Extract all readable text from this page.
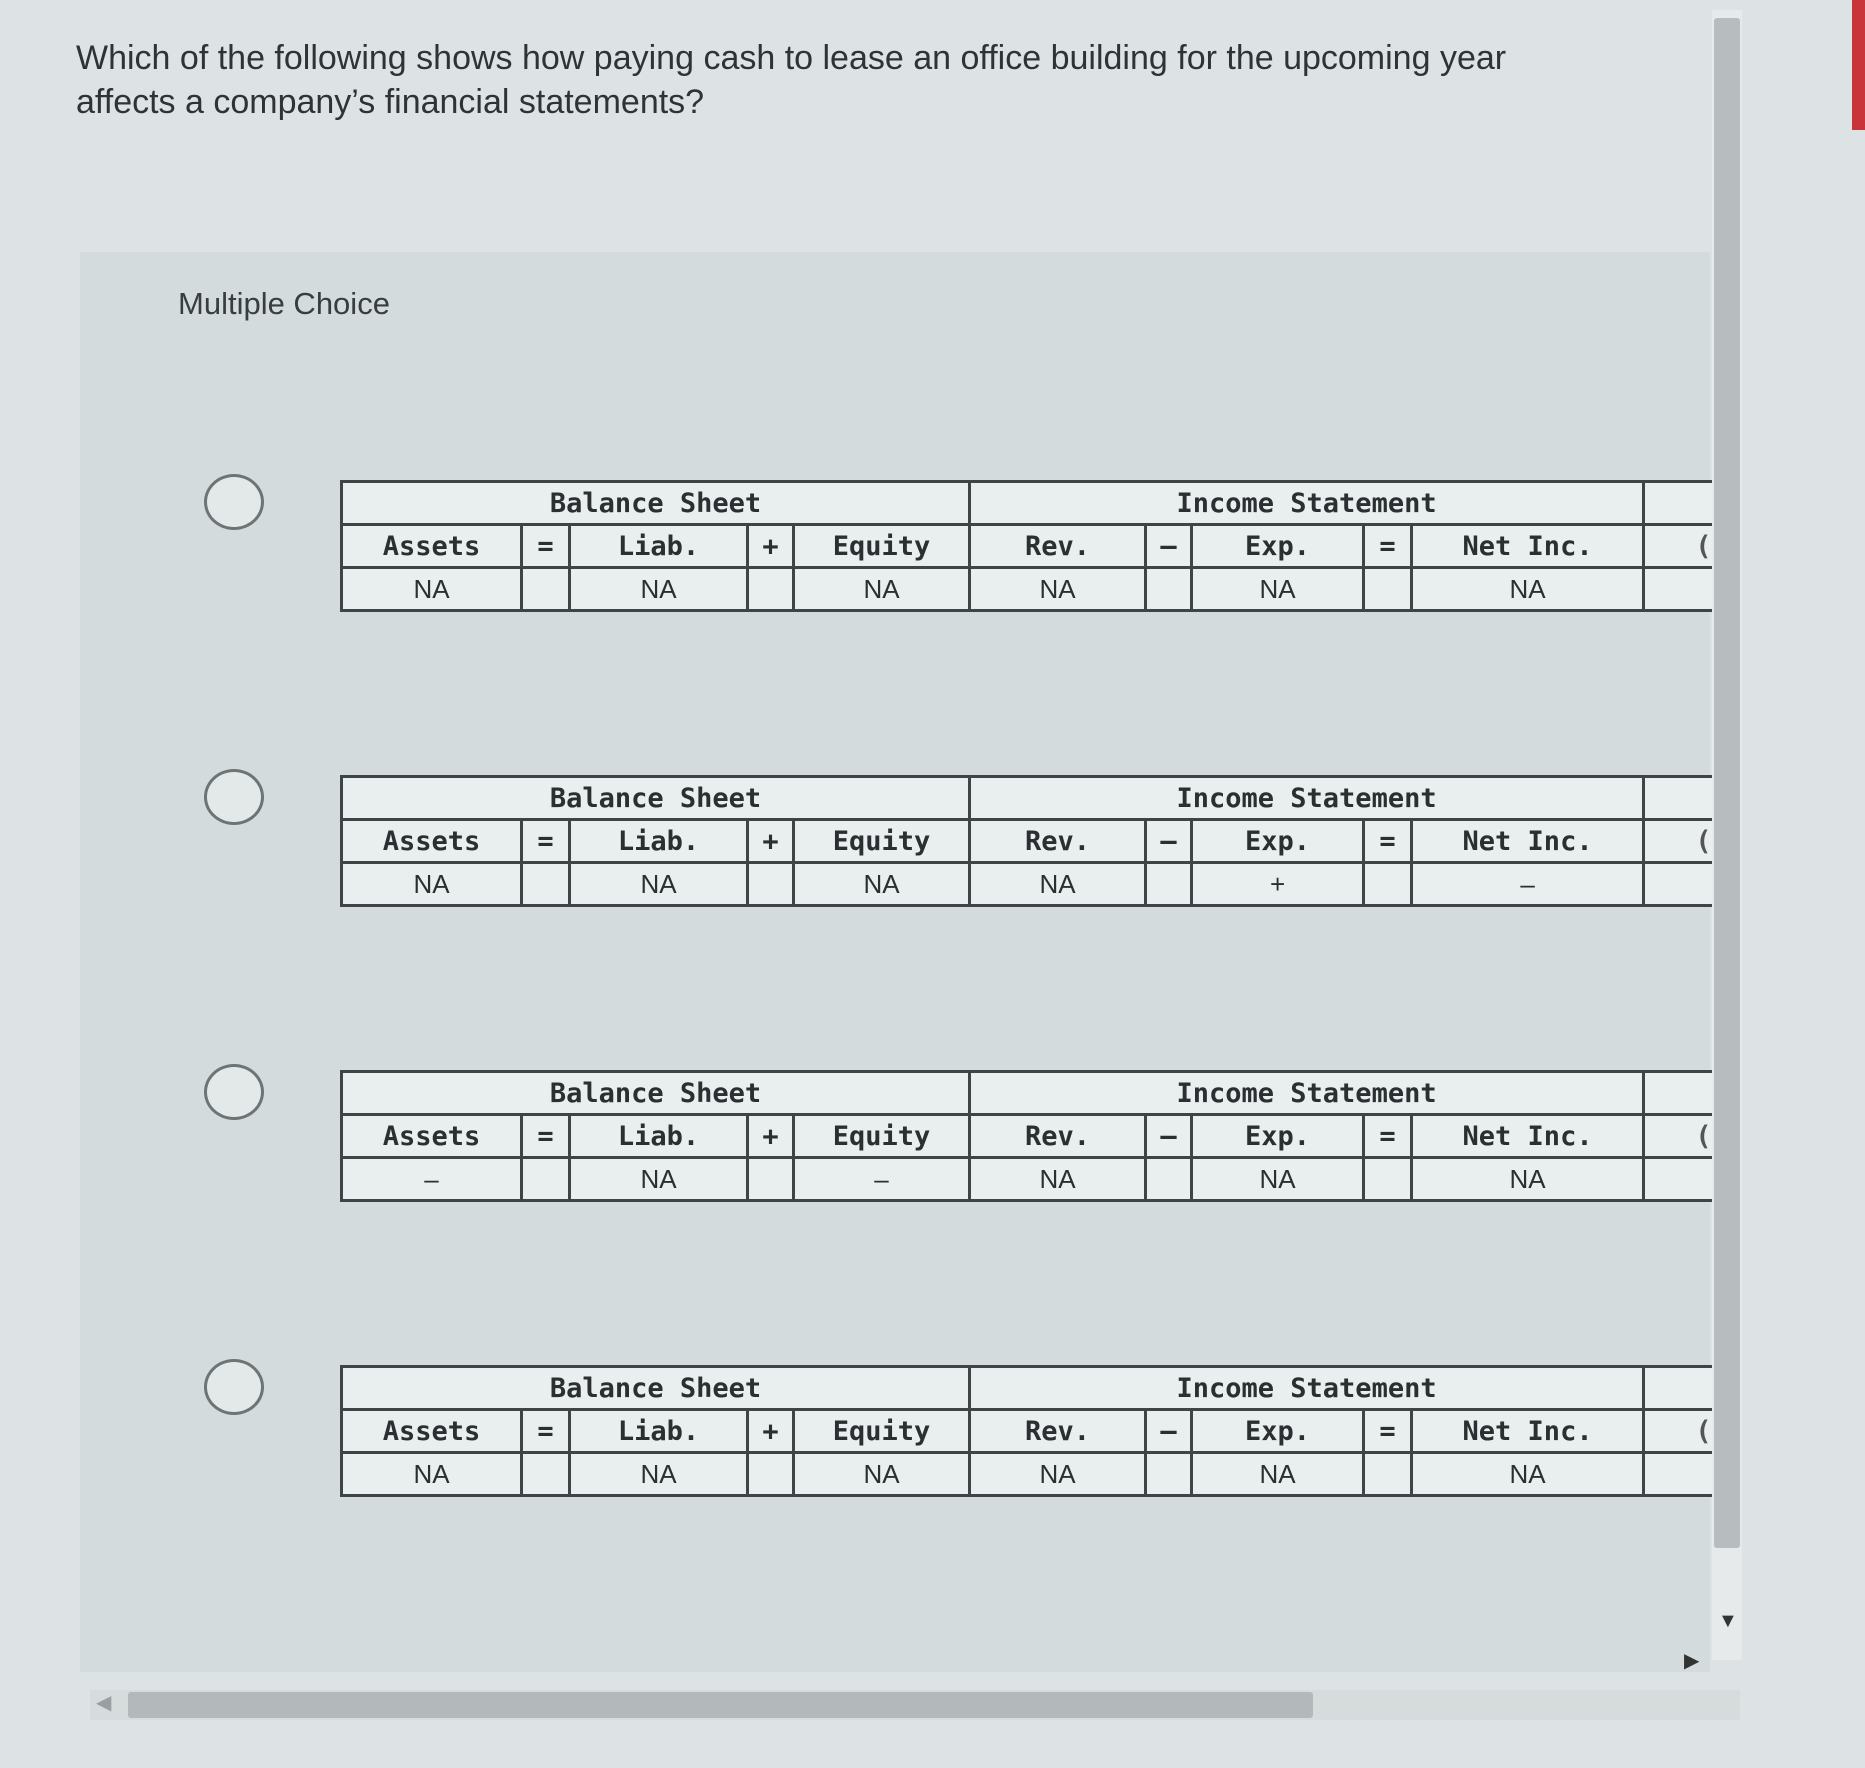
Which of the following shows how paying cash to lease an office building for the upcoming year affects a company’s financial statements?
Multiple Choice
Balance Sheet					Income Statement					
Assets	=	Liab.	+	Equity	Rev.	–	Exp.	=	Net Inc.	(
NA		NA		NA	NA		NA		NA	
Balance Sheet					Income Statement					
Assets	=	Liab.	+	Equity	Rev.	–	Exp.	=	Net Inc.	(
NA		NA		NA	NA		+		–	
Balance Sheet					Income Statement					
Assets	=	Liab.	+	Equity	Rev.	–	Exp.	=	Net Inc.	(
–		NA		–	NA		NA		NA	
Balance Sheet					Income Statement					
Assets	=	Liab.	+	Equity	Rev.	–	Exp.	=	Net Inc.	(
NA		NA		NA	NA		NA		NA	
▼
◀
▶
